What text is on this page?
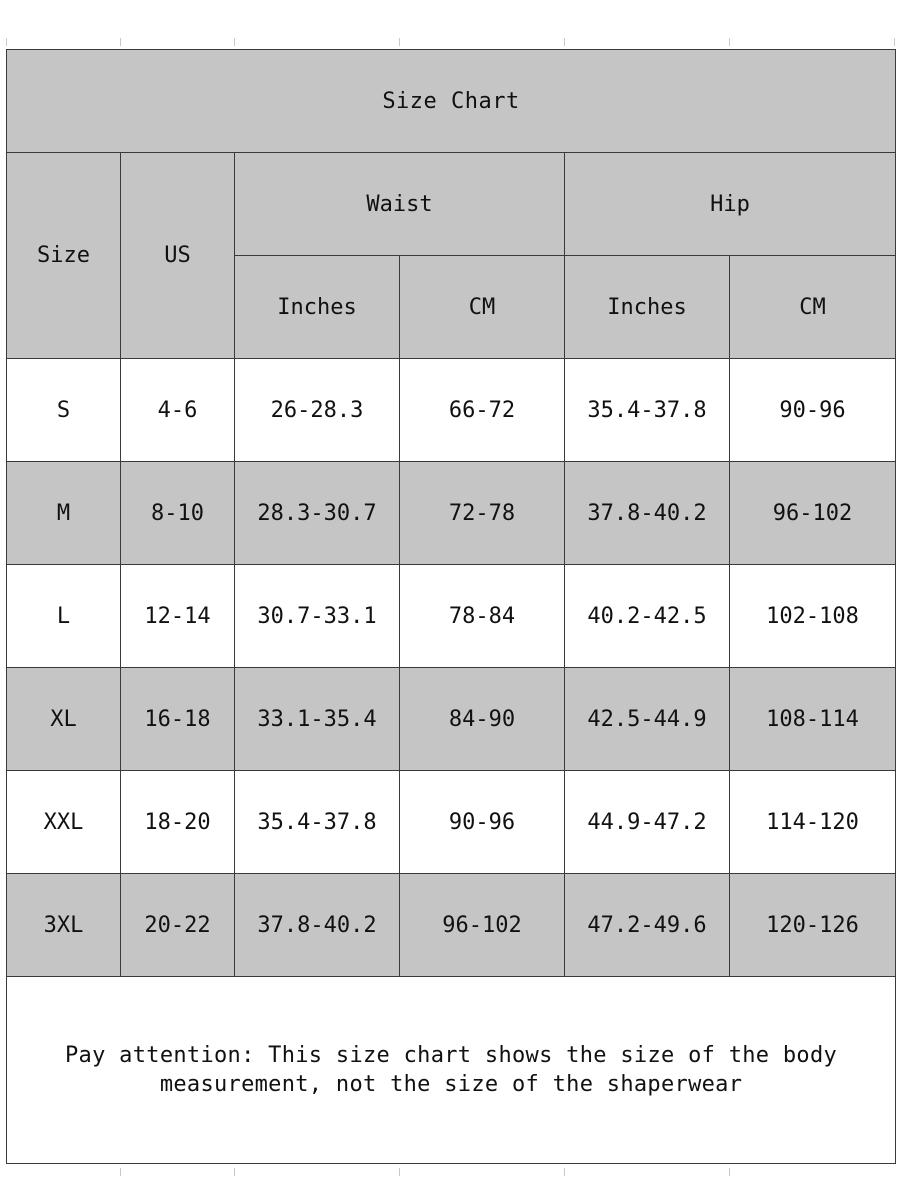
Size Chart					
Size	US	Waist		Hip	
		Inches	CM	Inches	CM
S	4-6	26-28.3	66-72	35.4-37.8	90-96
M	8-10	28.3-30.7	72-78	37.8-40.2	96-102
L	12-14	30.7-33.1	78-84	40.2-42.5	102-108
XL	16-18	33.1-35.4	84-90	42.5-44.9	108-114
XXL	18-20	35.4-37.8	90-96	44.9-47.2	114-120
3XL	20-22	37.8-40.2	96-102	47.2-49.6	120-126
Pay attention: This size chart shows the size of the body measurement, not the size of the shaperwear					
